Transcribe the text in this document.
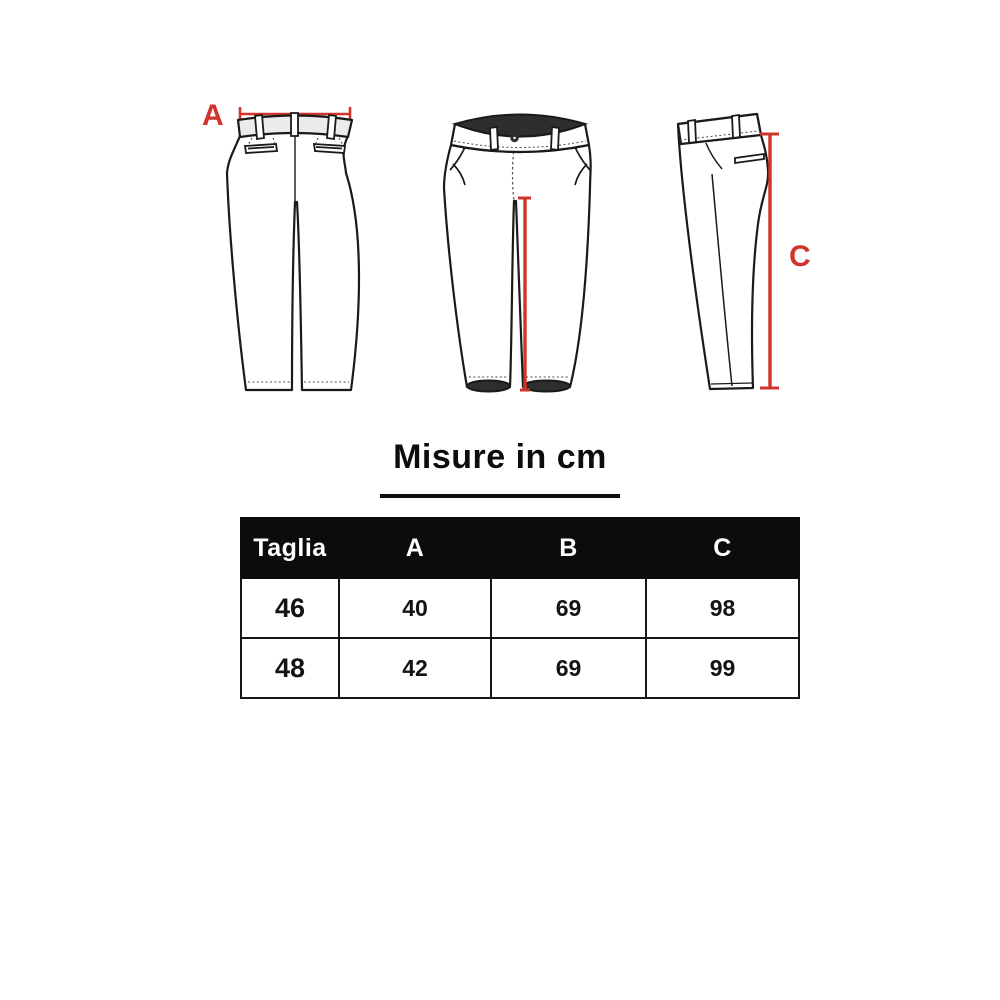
A
C
Misure in cm
Taglia	A	B	C
46	40	69	98
48	42	69	99
